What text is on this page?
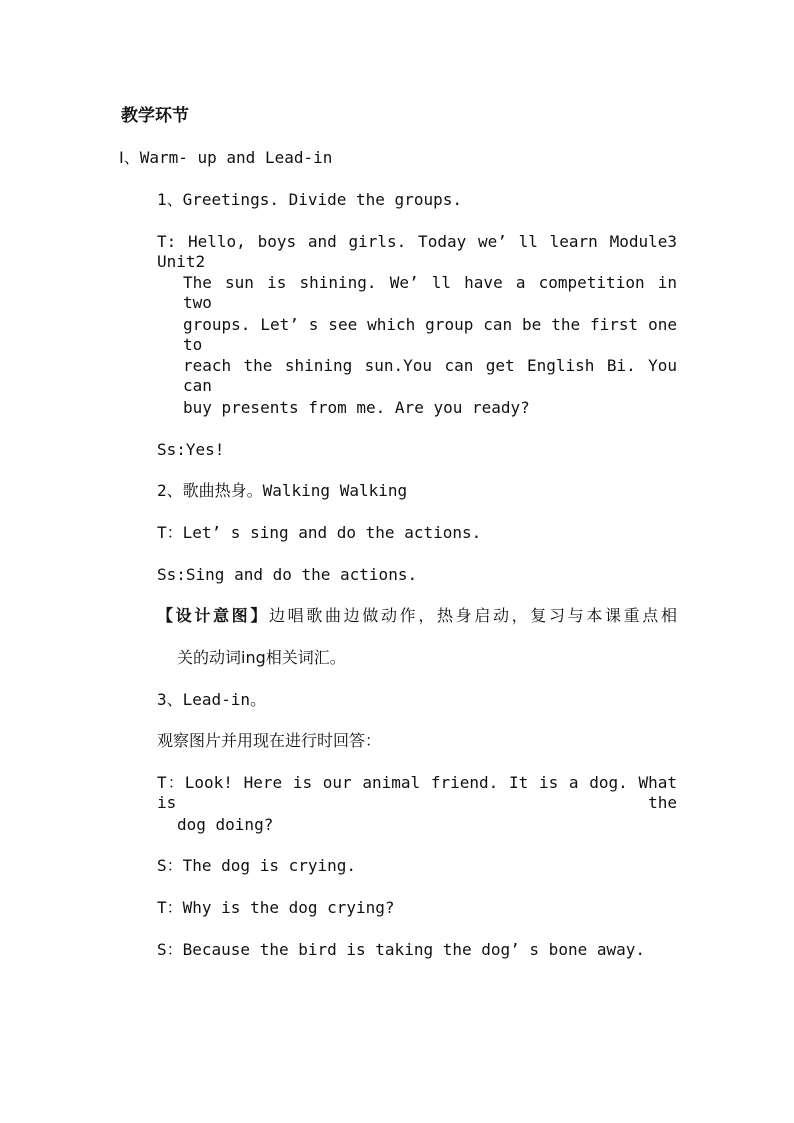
教学环节
Ⅰ、Warm- up and Lead-in
1、Greetings. Divide the groups.
T: Hello, boys and girls. Today we’ ll learn Module3 Unit2
The sun is shining. We’ ll have a competition in two
groups. Let’ s see which group can be the first one to
reach the shining sun.You can get English Bi. You can
buy presents from me. Are you ready?
Ss:Yes!
2、歌曲热身。Walking Walking
T：Let’ s sing and do the actions.
Ss:Sing and do the actions.
【设计意图】边唱歌曲边做动作，热身启动，复习与本课重点相
关的动词ing相关词汇。
3、Lead-in。
观察图片并用现在进行时回答：
T：Look! Here is our animal friend. It is a dog. What is the
dog doing?
S：The dog is crying.
T：Why is the dog crying?
S：Because the bird is taking the dog’ s bone away.
